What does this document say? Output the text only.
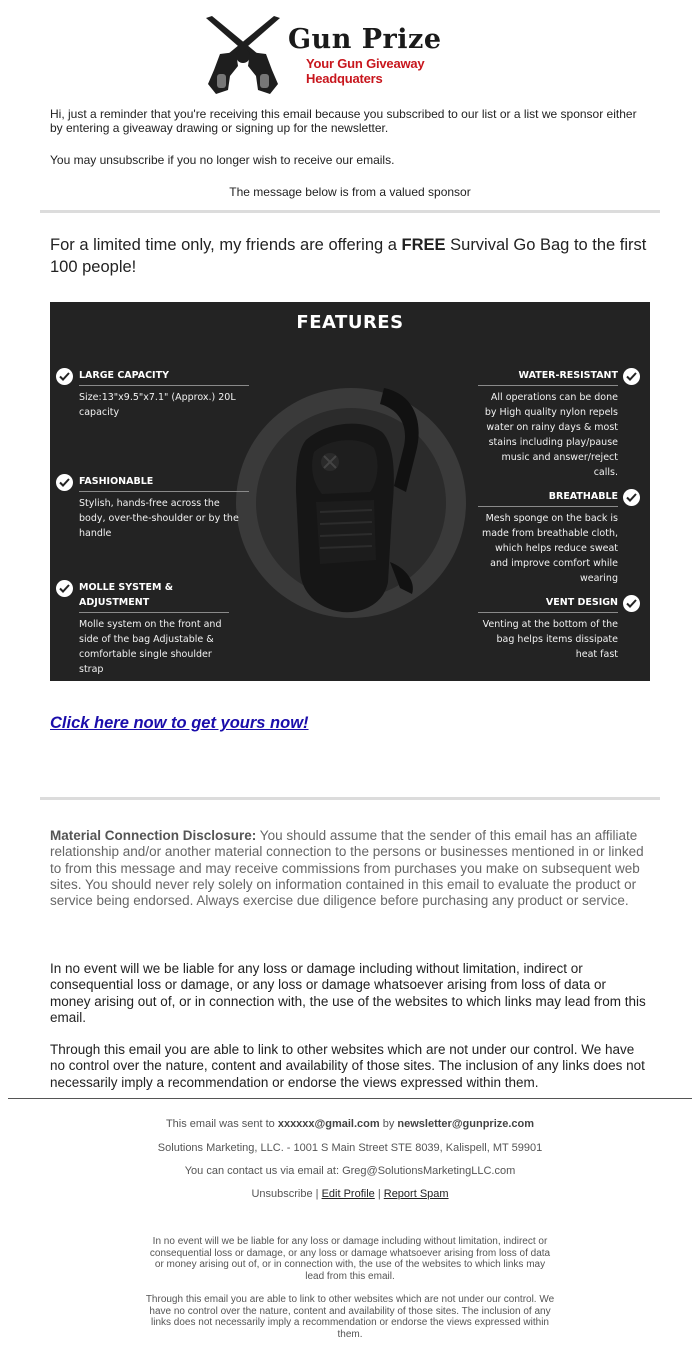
Gun Prize
Your Gun Giveaway Headquaters
Hi, just a reminder that you're receiving this email because you subscribed to our list or a list we sponsor either by entering a giveaway drawing or signing up for the newsletter.
You may unsubscribe if you no longer wish to receive our emails.
The message below is from a valued sponsor
For a limited time only, my friends are offering a FREE Survival Go Bag to the first 100 people!
FEATURES
LARGE CAPACITY
Size:13"x9.5"x7.1" (Approx.) 20L capacity
FASHIONABLE
Stylish, hands-free across the body, over-the-shoulder or by the handle
MOLLE SYSTEM & ADJUSTMENT
Molle system on the front and side of the bag Adjustable & comfortable single shoulder strap
WATER-RESISTANT
All operations can be done by High quality nylon repels water on rainy days & most stains including play/pause music and answer/reject calls.
BREATHABLE
Mesh sponge on the back is made from breathable cloth, which helps reduce sweat and improve comfort while wearing
VENT DESIGN
Venting at the bottom of the bag helps items dissipate heat fast
Click here now to get yours now!
Material Connection Disclosure: You should assume that the sender of this email has an affiliate relationship and/or another material connection to the persons or businesses mentioned in or linked to from this message and may receive commissions from purchases you make on subsequent web sites. You should never rely solely on information contained in this email to evaluate the product or service being endorsed. Always exercise due diligence before purchasing any product or service.
In no event will we be liable for any loss or damage including without limitation, indirect or consequential loss or damage, or any loss or damage whatsoever arising from loss of data or money arising out of, or in connection with, the use of the websites to which links may lead from this email.
Through this email you are able to link to other websites which are not under our control. We have no control over the nature, content and availability of those sites. The inclusion of any links does not necessarily imply a recommendation or endorse the views expressed within them.
This email was sent to xxxxxx@gmail.com by newsletter@gunprize.com
Solutions Marketing, LLC. - 1001 S Main Street STE 8039, Kalispell, MT 59901
You can contact us via email at: Greg@SolutionsMarketingLLC.com
Unsubscribe | Edit Profile | Report Spam
In no event will we be liable for any loss or damage including without limitation, indirect or consequential loss or damage, or any loss or damage whatsoever arising from loss of data or money arising out of, or in connection with, the use of the websites to which links may lead from this email.
Through this email you are able to link to other websites which are not under our control. We have no control over the nature, content and availability of those sites. The inclusion of any links does not necessarily imply a recommendation or endorse the views expressed within them.
